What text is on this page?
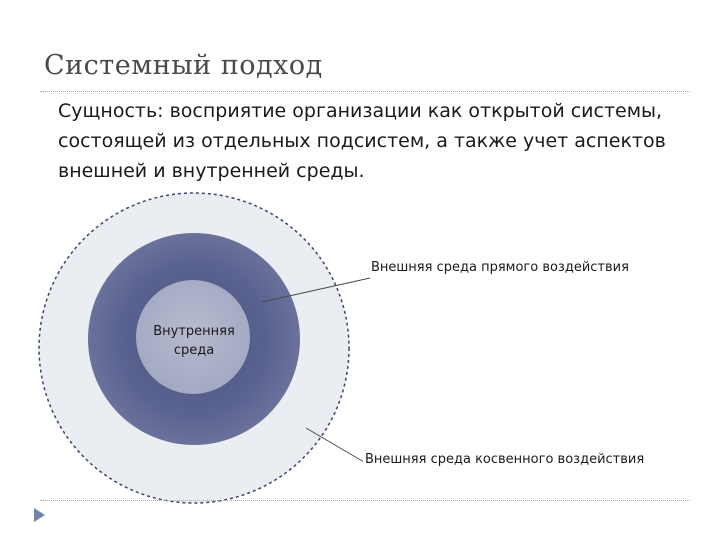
Системный подход
Сущность: восприятие организации как открытой системы, состоящей из отдельных подсистем, а также учет аспектов внешней и внутренней среды.
Внутренняя среда
Внешняя среда прямого воздействия
Внешняя среда косвенного воздействия
